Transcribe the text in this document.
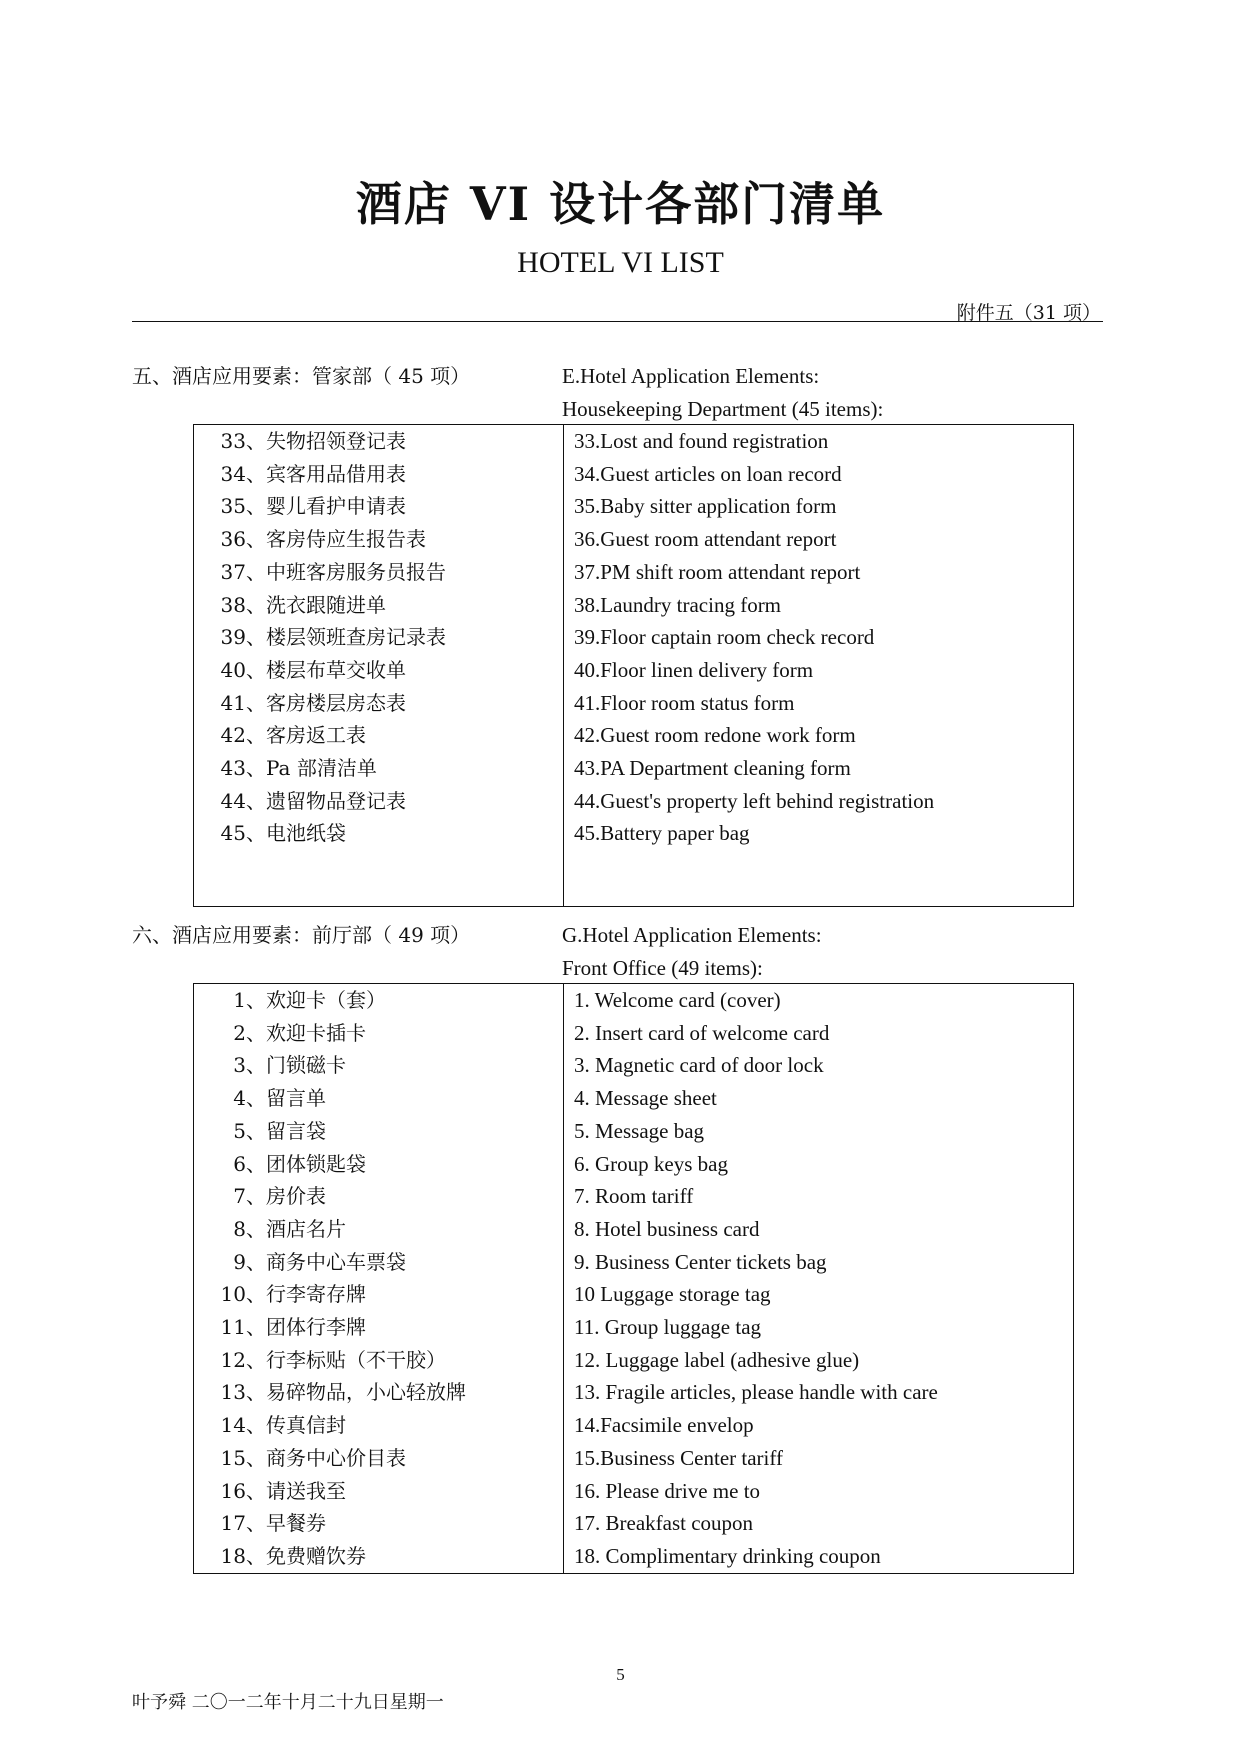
酒店 VI 设计各部门清单
HOTEL VI LIST
附件五（31 项）
五、酒店应用要素：管家部（ 45 项）	E.Hotel Application Elements:
Housekeeping Department (45 items):
33、失物招领登记表	33.Lost and found registration
34、宾客用品借用表	34.Guest articles on loan record
35、婴儿看护申请表	35.Baby sitter application form
36、客房侍应生报告表	36.Guest room attendant report
37、中班客房服务员报告	37.PM shift room attendant report
38、洗衣跟随进单	38.Laundry tracing form
39、楼层领班查房记录表	39.Floor captain room check record
40、楼层布草交收单	40.Floor linen delivery form
41、客房楼层房态表	41.Floor room status form
42、客房返工表	42.Guest room redone work form
43、Pa 部清洁单	43.PA Department cleaning form
44、遗留物品登记表	44.Guest's property left behind registration
45、电池纸袋	45.Battery paper bag

六、酒店应用要素：前厅部（ 49 项）	G.Hotel Application Elements:
Front Office (49 items):
1、欢迎卡（套）	1. Welcome card (cover)
2、欢迎卡插卡	2. Insert card of welcome card
3、门锁磁卡	3. Magnetic card of door lock
4、留言单	4. Message sheet
5、留言袋	5. Message bag
6、团体锁匙袋	6. Group keys bag
7、房价表	7. Room tariff
8、酒店名片	8. Hotel business card
9、商务中心车票袋	9. Business Center tickets bag
10、行李寄存牌	10 Luggage storage tag
11、团体行李牌	11. Group luggage tag
12、行李标贴（不干胶）	12. Luggage label (adhesive glue)
13、易碎物品，小心轻放牌	13. Fragile articles, please handle with care
14、传真信封	14.Facsimile envelop
15、商务中心价目表	15.Business Center tariff
16、请送我至	16. Please drive me to
17、早餐券	17. Breakfast coupon
18、免费赠饮券	18. Complimentary drinking coupon
5
叶予舜 二〇一二年十月二十九日星期一
